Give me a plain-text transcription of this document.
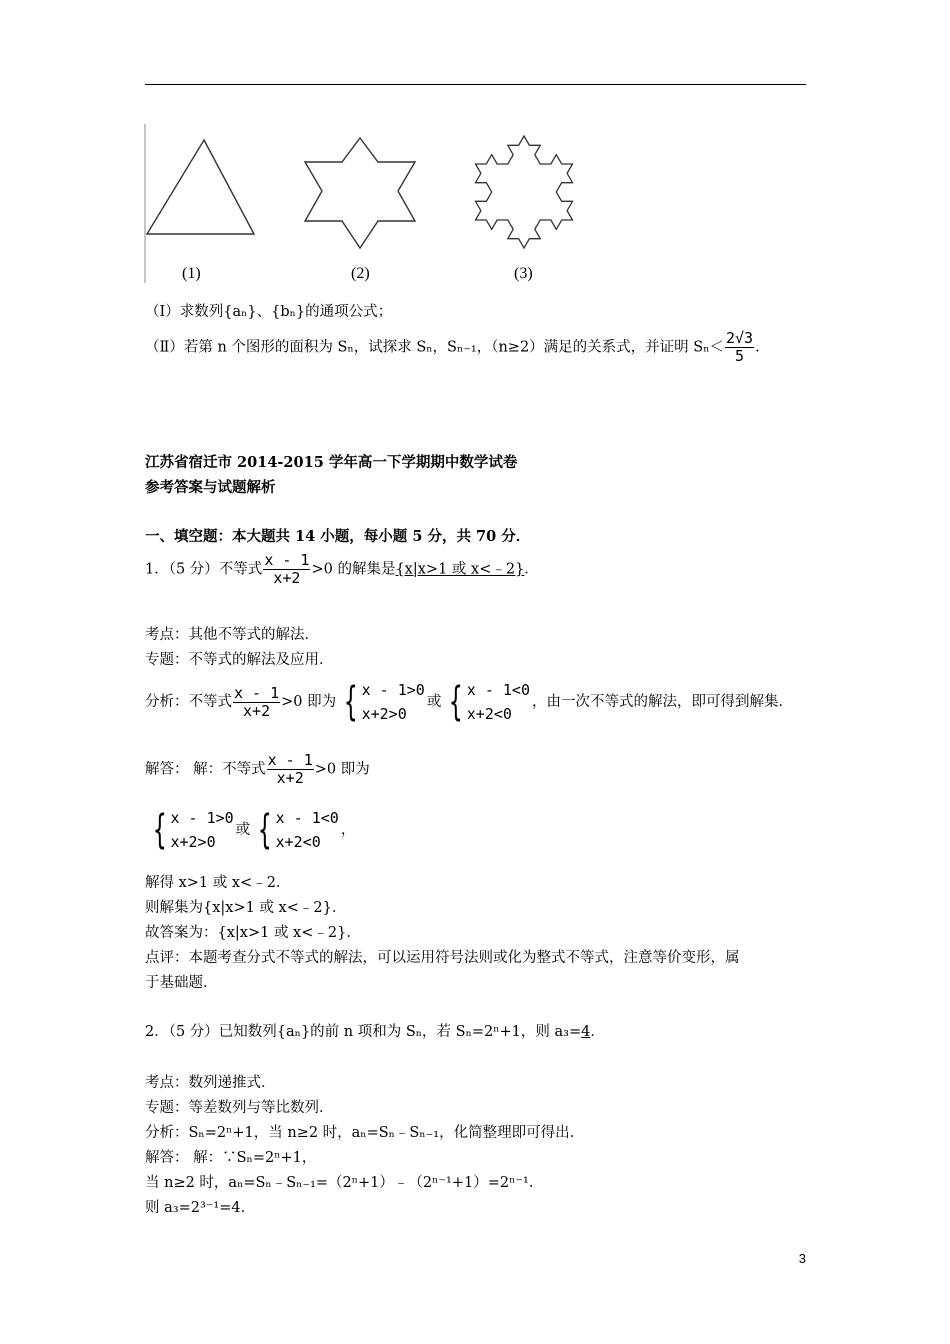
(1)	(2)	(3)
（Ⅰ）求数列{aₙ}、{bₙ}的通项公式；
（Ⅱ）若第 n 个图形的面积为 Sₙ，试探求 Sₙ，Sₙ₋₁，（n≥2）满足的关系式，并证明 $S_n< \frac{2√3}{5}$ .
江苏省宿迁市 2014-2015 学年高一下学期期中数学试卷
参考答案与试题解析
一、填空题：本大题共 14 小题，每小题 5 分，共 70 分．
1．（5 分）不等式 $\frac{x - 1}{x+2} >0$ 的解集是{x|x>1 或 x<﹣2}．
考点：其他不等式的解法．
专题：不等式的解法及应用．
分析：不等式 $\frac{x - 1}{x+2} >0$ 即为 { x - 1>0
x+2>0
或 { x - 1<0
x+2<0
，由一次不等式的解法，即可得到解集．
解答： 解：不等式 $\frac{x - 1}{x+2} >0$ 即为
{ x - 1>0
x+2>0
或 { x - 1<0
x+2<0
，
解得 x>1 或 x<﹣2．
则解集为{x|x>1 或 x<﹣2}．
故答案为：{x|x>1 或 x<﹣2}．
点评：本题考查分式不等式的解法，可以运用符号法则或化为整式不等式，注意等价变形，属
于基础题．
2．（5 分）已知数列{aₙ}的前 n 项和为 Sₙ，若 Sₙ=2ⁿ+1，则 a₃=4．
考点：数列递推式．
专题：等差数列与等比数列．
分析：Sₙ=2ⁿ+1，当 n≥2 时，aₙ=Sₙ﹣Sₙ₋₁，化简整理即可得出．
解答： 解：∵Sₙ=2ⁿ+1，
当 n≥2 时，aₙ=Sₙ﹣Sₙ₋₁=（2ⁿ+1）﹣（2ⁿ⁻¹+1）=2ⁿ⁻¹．
则 a₃=2³⁻¹=4．
3
